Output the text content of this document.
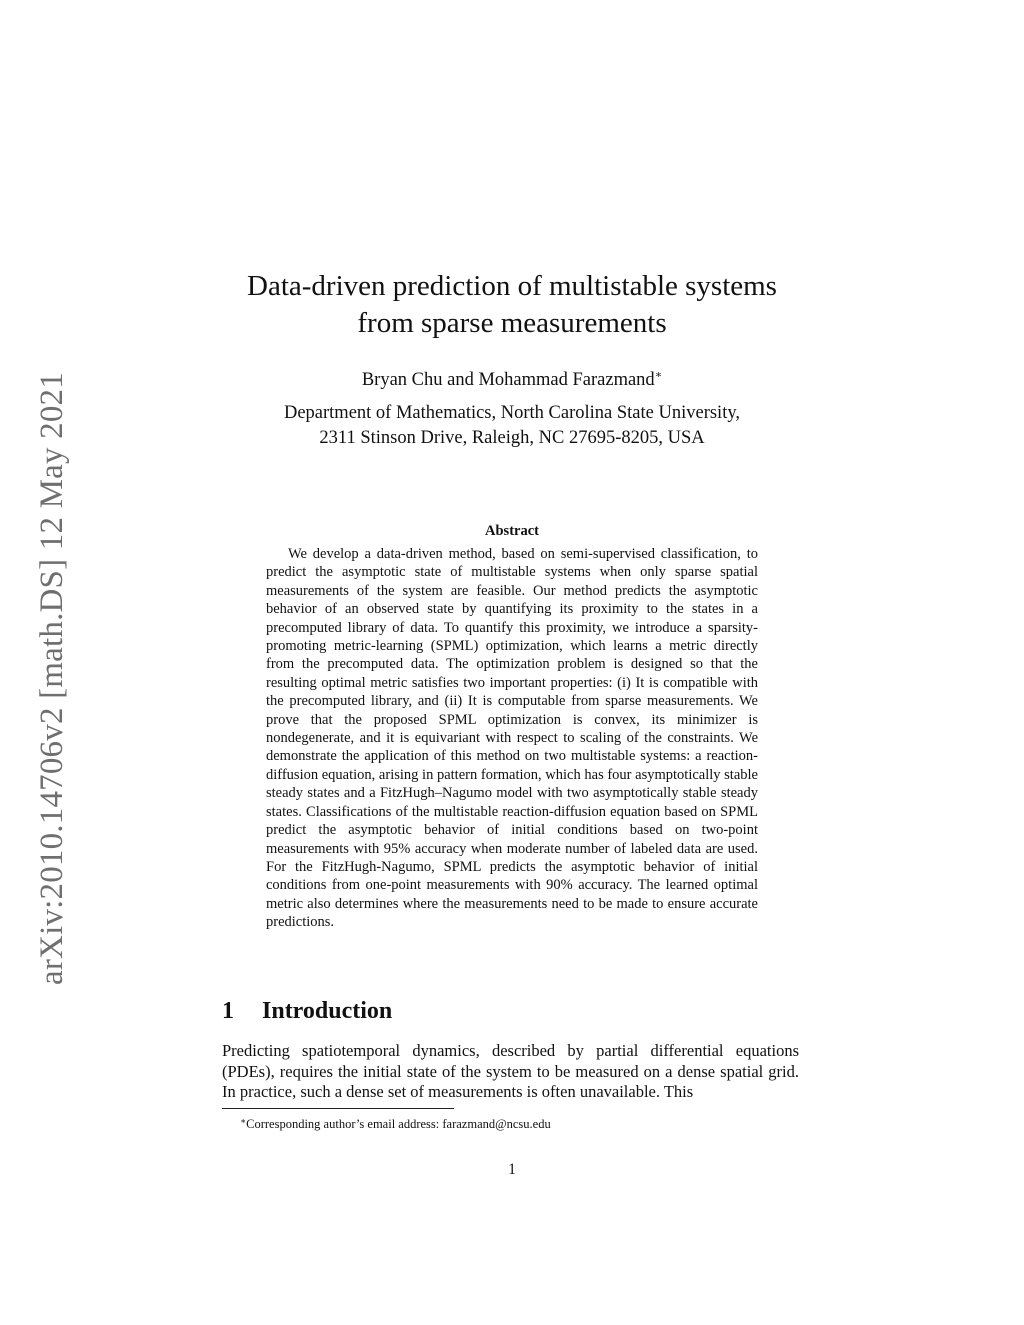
arXiv:2010.14706v2 [math.DS] 12 May 2021
Data-driven prediction of multistable systems
from sparse measurements
Bryan Chu and Mohammad Farazmand∗
Department of Mathematics, North Carolina State University,
2311 Stinson Drive, Raleigh, NC 27695-8205, USA
Abstract

We develop a data-driven method, based on semi-supervised classification, to predict the asymptotic state of multistable systems when only sparse spatial measurements of the system are feasible. Our method predicts the asymptotic behavior of an observed state by quantifying its proximity to the states in a precomputed library of data. To quantify this proximity, we introduce a sparsity-promoting metric-learning (SPML) optimization, which learns a metric directly from the precomputed data. The optimization problem is designed so that the resulting optimal metric satisfies two important properties: (i) It is compatible with the precomputed library, and (ii) It is computable from sparse measurements. We prove that the proposed SPML optimization is convex, its minimizer is nondegenerate, and it is equivariant with respect to scaling of the constraints. We demonstrate the application of this method on two multistable systems: a reaction-diffusion equation, arising in pattern formation, which has four asymptotically stable steady states and a FitzHugh–Nagumo model with two asymptotically stable steady states. Classifications of the multistable reaction-diffusion equation based on SPML predict the asymptotic behavior of initial conditions based on two-point measurements with 95% accuracy when moderate number of labeled data are used. For the FitzHugh-Nagumo, SPML predicts the asymptotic behavior of initial conditions from one-point measurements with 90% accuracy. The learned optimal metric also determines where the measurements need to be made to ensure accurate predictions.

1 Introduction

Predicting spatiotemporal dynamics, described by partial differential equations (PDEs), requires the initial state of the system to be measured on a dense spatial grid. In practice, such a dense set of measurements is often unavailable. This

∗Corresponding author’s email address: farazmand@ncsu.edu
1
